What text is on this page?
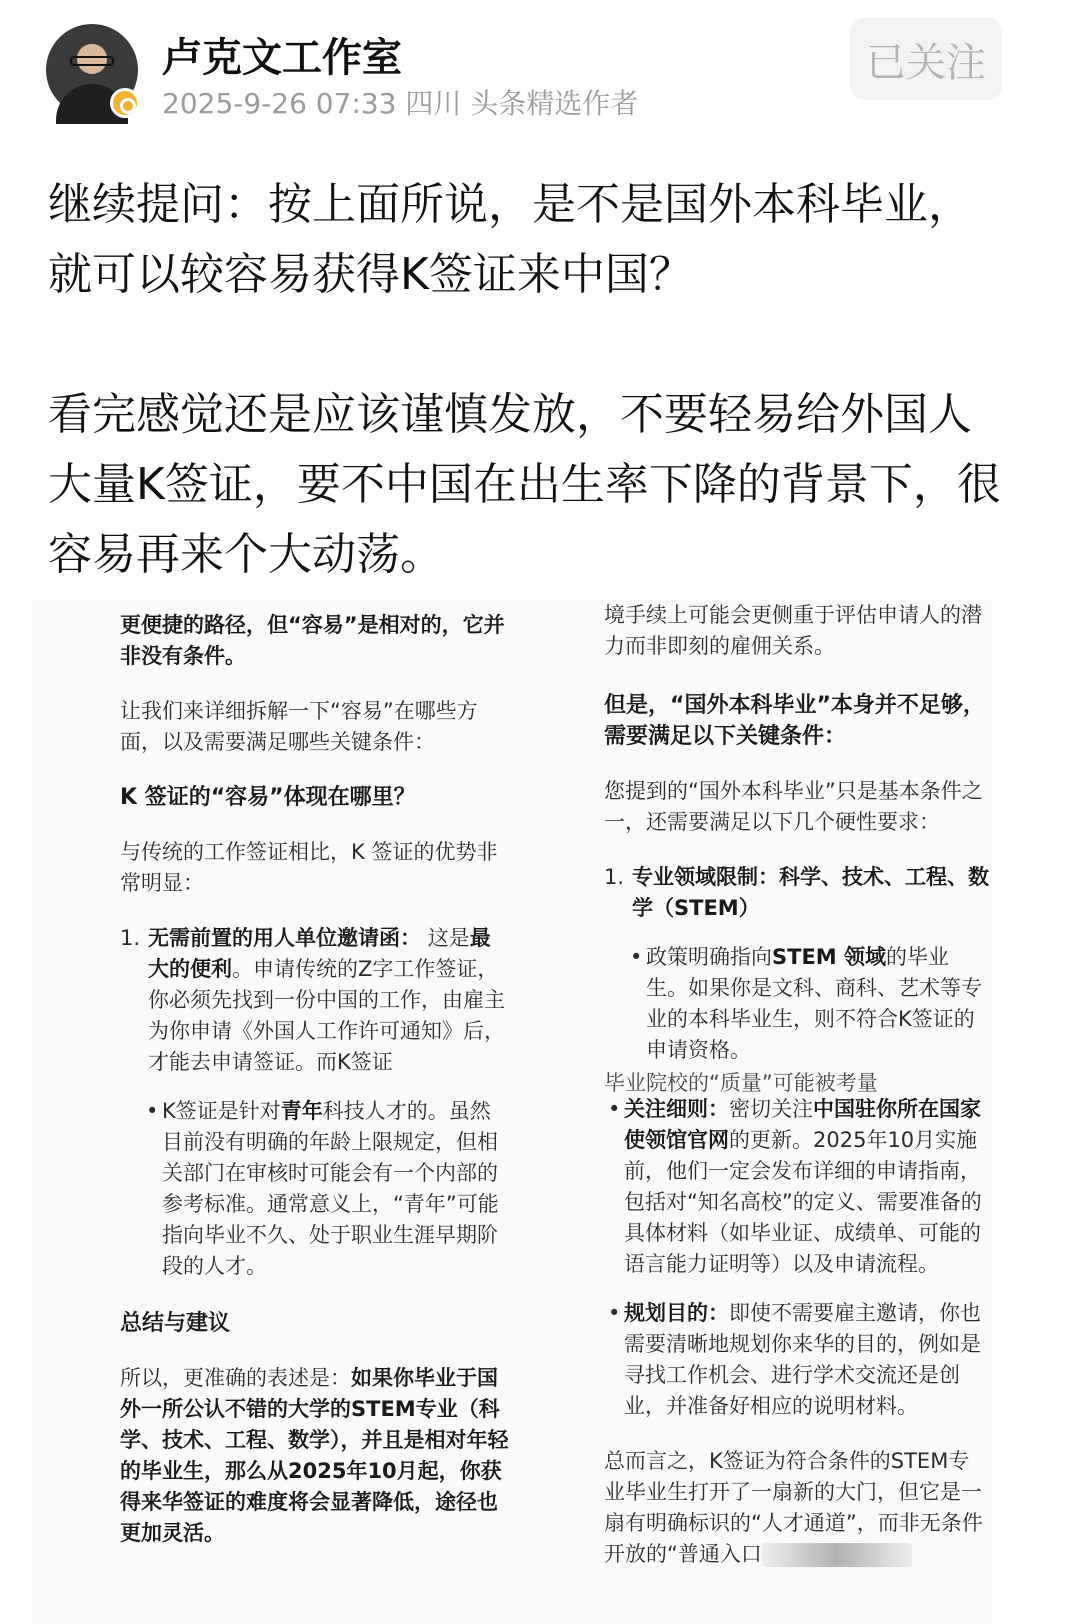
卢克文工作室
2025-9-26 07:33 四川 头条精选作者
已关注
继续提问：按上面所说，是不是国外本科毕业，就可以较容易获得K签证来中国？
看完感觉还是应该谨慎发放，不要轻易给外国人大量K签证，要不中国在出生率下降的背景下，很容易再来个大动荡。

更便捷的路径，但“容易”是相对的，它并非没有条件。

让我们来详细拆解一下“容易”在哪些方面，以及需要满足哪些关键条件：

K 签证的“容易”体现在哪里？

与传统的工作签证相比，K 签证的优势非常明显：

1. 无需前置的用人单位邀请函： 这是最大的便利。申请传统的Z字工作签证，你必须先找到一份中国的工作，由雇主为你申请《外国人工作许可通知》后，才能去申请签证。而K签证
• K签证是针对青年科技人才的。虽然目前没有明确的年龄上限规定，但相关部门在审核时可能会有一个内部的参考标准。通常意义上，“青年”可能指向毕业不久、处于职业生涯早期阶段的人才。
总结与建议

所以，更准确的表述是：如果你毕业于国外一所公认不错的大学的STEM专业（科学、技术、工程、数学），并且是相对年轻的毕业生，那么从2025年10月起，你获得来华签证的难度将会显著降低，途径也更加灵活。

境手续上可能会更侧重于评估申请人的潜力而非即刻的雇佣关系。

但是，“国外本科毕业”本身并不足够，需要满足以下关键条件：

您提到的“国外本科毕业”只是基本条件之一，还需要满足以下几个硬性要求：

1. 专业领域限制：科学、技术、工程、数学（STEM）
• 政策明确指向STEM 领域的毕业生。如果你是文科、商科、艺术等专业的本科毕业生，则不符合K签证的申请资格。
毕业院校的“质量”可能被考量
• 关注细则：密切关注中国驻你所在国家使领馆官网的更新。2025年10月实施前，他们一定会发布详细的申请指南，包括对“知名高校”的定义、需要准备的具体材料（如毕业证、成绩单、可能的语言能力证明等）以及申请流程。
• 规划目的：即使不需要雇主邀请，你也需要清晰地规划你来华的目的，例如是寻找工作机会、进行学术交流还是创业，并准备好相应的说明材料。

总而言之，K签证为符合条件的STEM专业毕业生打开了一扇新的大门，但它是一扇有明确标识的“人才通道”，而非无条件开放的“普通入口
